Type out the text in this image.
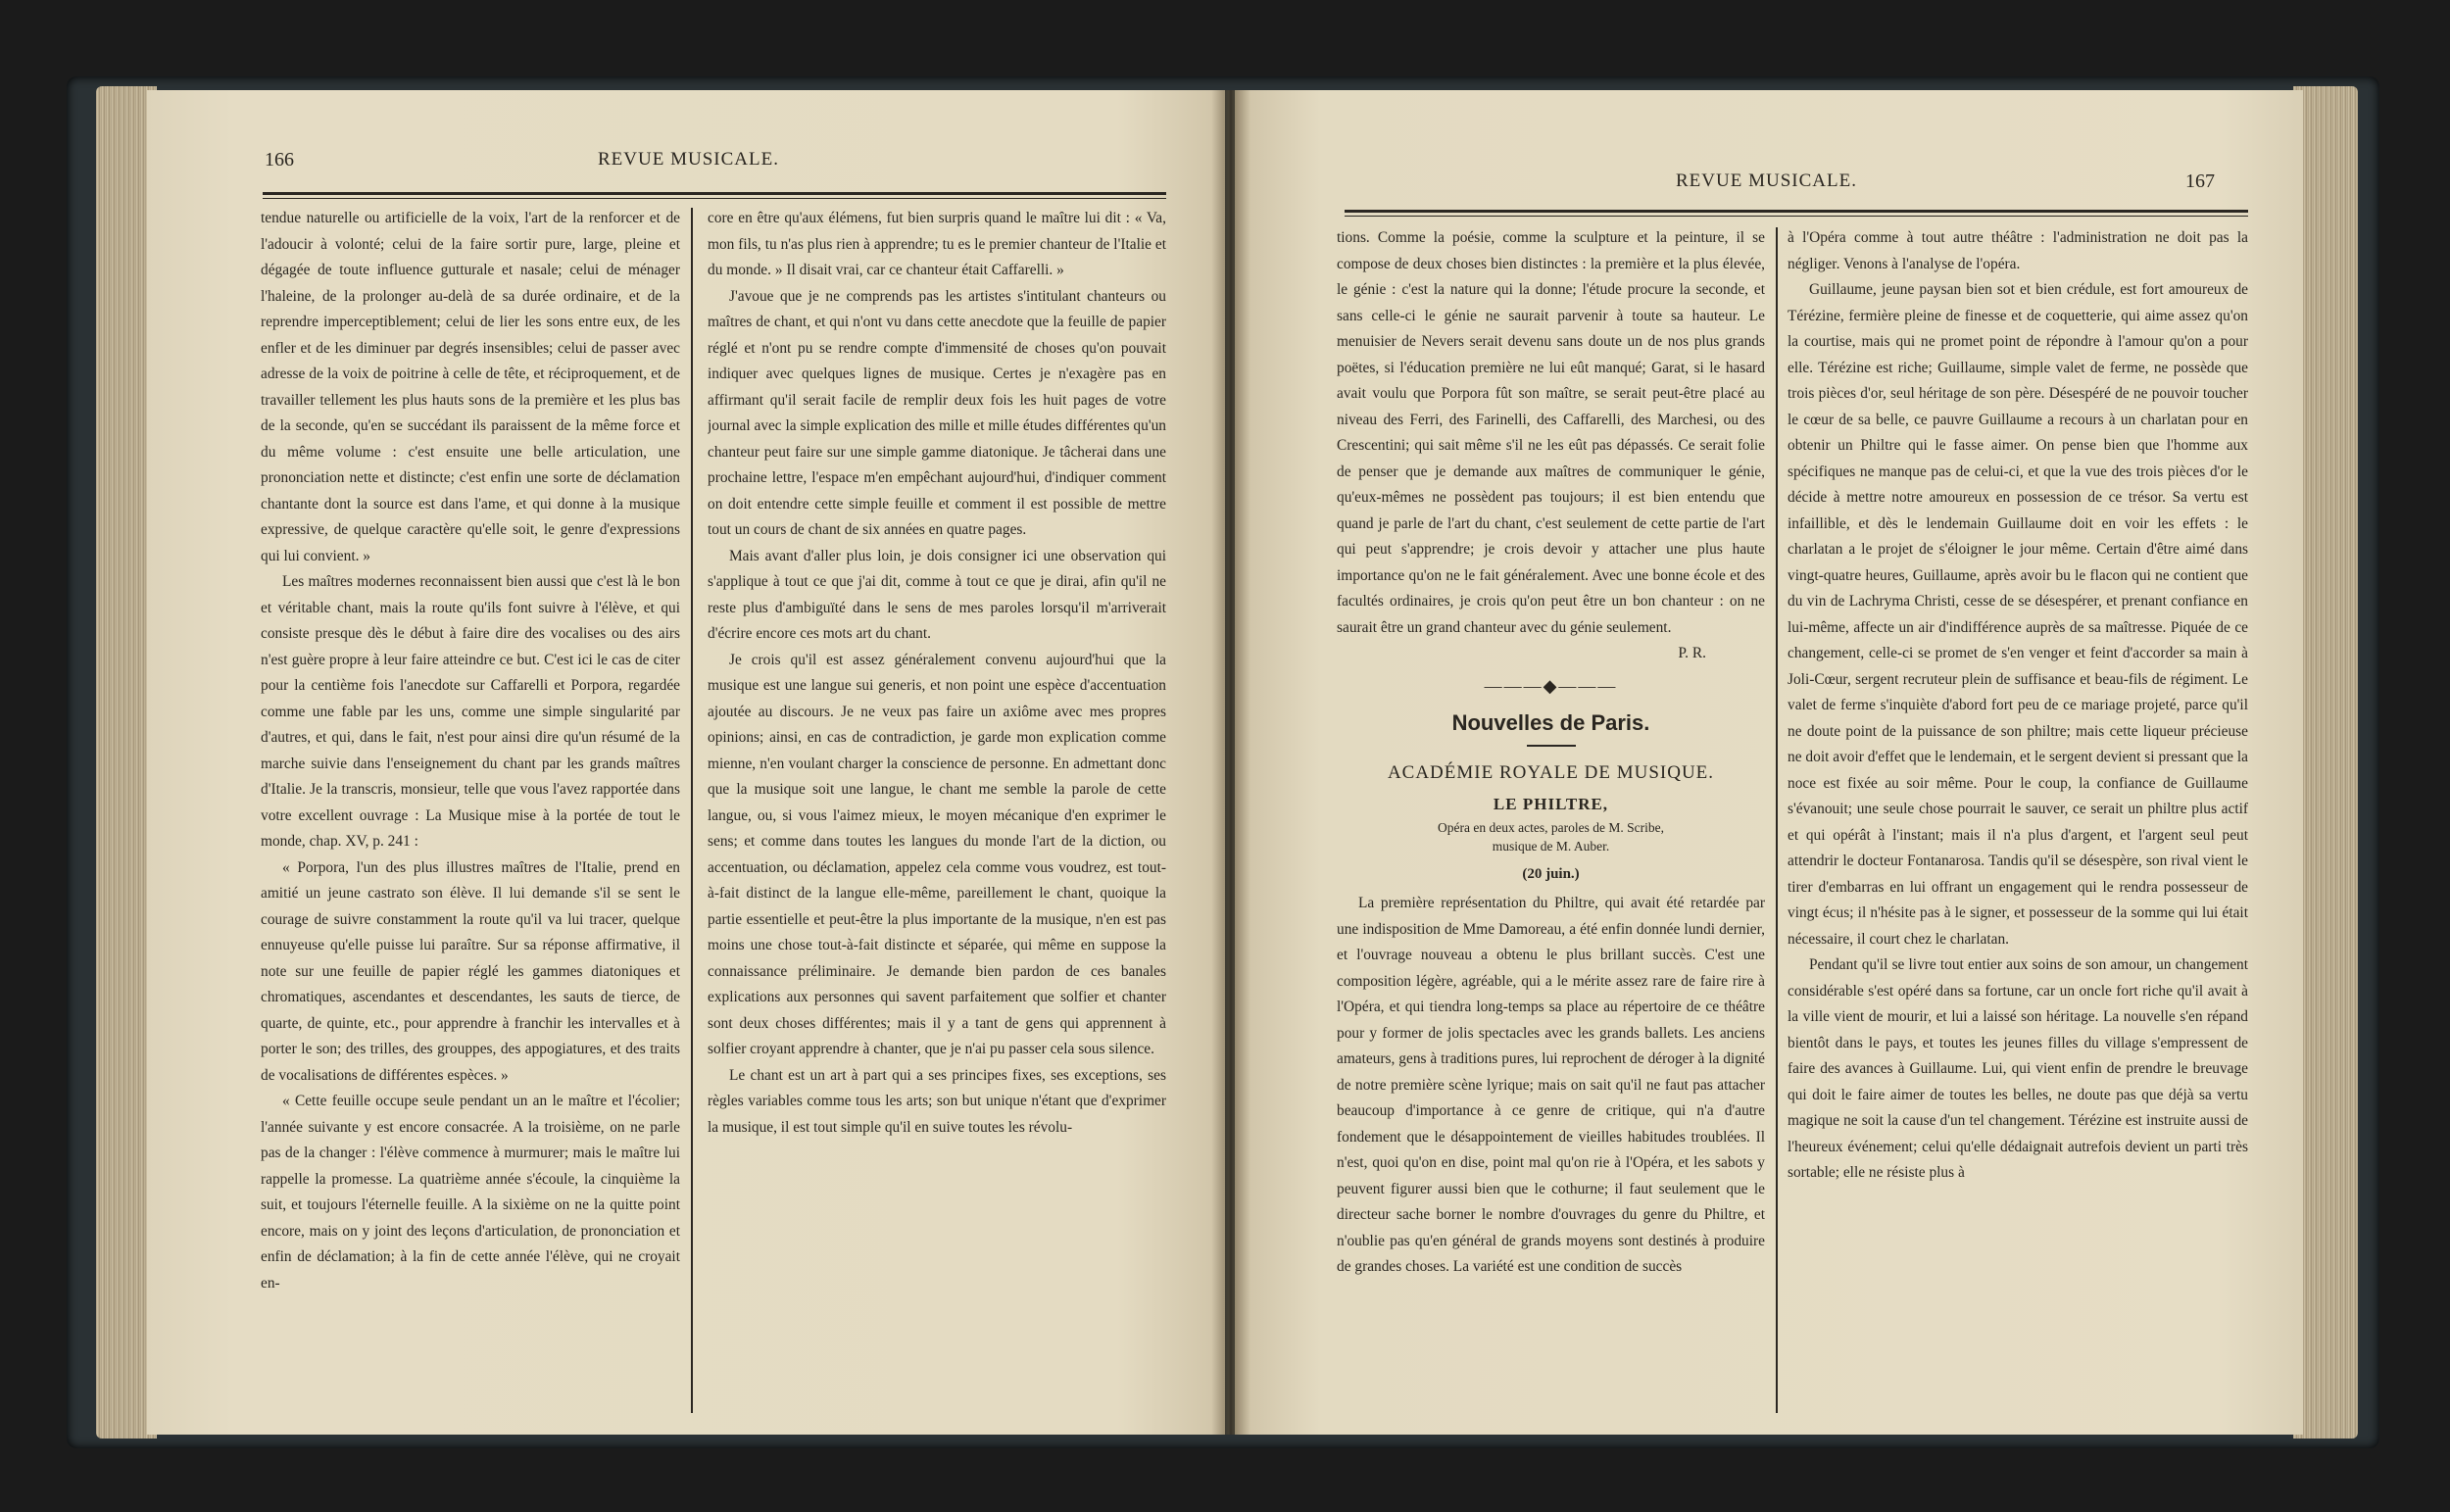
166	REVUE MUSICALE.

tendue naturelle ou artificielle de la voix, l'art de la renforcer et de l'adoucir à volonté; celui de la faire sortir pure, large, pleine et dégagée de toute influence gutturale et nasale; celui de ménager l'haleine, de la prolonger au-delà de sa durée ordinaire, et de la reprendre imperceptiblement; celui de lier les sons entre eux, de les enfler et de les diminuer par degrés insensibles; celui de passer avec adresse de la voix de poitrine à celle de tête, et réciproquement, et de travailler tellement les plus hauts sons de la première et les plus bas de la seconde, qu'en se succédant ils paraissent de la même force et du même volume : c'est ensuite une belle articulation, une prononciation nette et distincte; c'est enfin une sorte de déclamation chantante dont la source est dans l'ame, et qui donne à la musique expressive, de quelque caractère qu'elle soit, le genre d'expressions qui lui convient. »

Les maîtres modernes reconnaissent bien aussi que c'est là le bon et véritable chant, mais la route qu'ils font suivre à l'élève, et qui consiste presque dès le début à faire dire des vocalises ou des airs n'est guère propre à leur faire atteindre ce but. C'est ici le cas de citer pour la centième fois l'anecdote sur Caffarelli et Porpora, regardée comme une fable par les uns, comme une simple singularité par d'autres, et qui, dans le fait, n'est pour ainsi dire qu'un résumé de la marche suivie dans l'enseignement du chant par les grands maîtres d'Italie. Je la transcris, monsieur, telle que vous l'avez rapportée dans votre excellent ouvrage : La Musique mise à la portée de tout le monde, chap. XV, p. 241 :

« Porpora, l'un des plus illustres maîtres de l'Italie, prend en amitié un jeune castrato son élève. Il lui demande s'il se sent le courage de suivre constamment la route qu'il va lui tracer, quelque ennuyeuse qu'elle puisse lui paraître. Sur sa réponse affirmative, il note sur une feuille de papier réglé les gammes diatoniques et chromatiques, ascendantes et descendantes, les sauts de tierce, de quarte, de quinte, etc., pour apprendre à franchir les intervalles et à porter le son; des trilles, des grouppes, des appogiatures, et des traits de vocalisations de différentes espèces. »

« Cette feuille occupe seule pendant un an le maître et l'écolier; l'année suivante y est encore consacrée. A la troisième, on ne parle pas de la changer : l'élève commence à murmurer; mais le maître lui rappelle la promesse. La quatrième année s'écoule, la cinquième la suit, et toujours l'éternelle feuille. A la sixième on ne la quitte point encore, mais on y joint des leçons d'articulation, de prononciation et enfin de déclamation; à la fin de cette année l'élève, qui ne croyait en-

core en être qu'aux élémens, fut bien surpris quand le maître lui dit : « Va, mon fils, tu n'as plus rien à apprendre; tu es le premier chanteur de l'Italie et du monde. » Il disait vrai, car ce chanteur était Caffarelli. »

J'avoue que je ne comprends pas les artistes s'intitulant chanteurs ou maîtres de chant, et qui n'ont vu dans cette anecdote que la feuille de papier réglé et n'ont pu se rendre compte d'immensité de choses qu'on pouvait indiquer avec quelques lignes de musique. Certes je n'exagère pas en affirmant qu'il serait facile de remplir deux fois les huit pages de votre journal avec la simple explication des mille et mille études différentes qu'un chanteur peut faire sur une simple gamme diatonique. Je tâcherai dans une prochaine lettre, l'espace m'en empêchant aujourd'hui, d'indiquer comment on doit entendre cette simple feuille et comment il est possible de mettre tout un cours de chant de six années en quatre pages.

Mais avant d'aller plus loin, je dois consigner ici une observation qui s'applique à tout ce que j'ai dit, comme à tout ce que je dirai, afin qu'il ne reste plus d'ambiguïté dans le sens de mes paroles lorsqu'il m'arriverait d'écrire encore ces mots art du chant.

Je crois qu'il est assez généralement convenu aujourd'hui que la musique est une langue sui generis, et non point une espèce d'accentuation ajoutée au discours. Je ne veux pas faire un axiôme avec mes propres opinions; ainsi, en cas de contradiction, je garde mon explication comme mienne, n'en voulant charger la conscience de personne. En admettant donc que la musique soit une langue, le chant me semble la parole de cette langue, ou, si vous l'aimez mieux, le moyen mécanique d'en exprimer le sens; et comme dans toutes les langues du monde l'art de la diction, ou accentuation, ou déclamation, appelez cela comme vous voudrez, est tout-à-fait distinct de la langue elle-même, pareillement le chant, quoique la partie essentielle et peut-être la plus importante de la musique, n'en est pas moins une chose tout-à-fait distincte et séparée, qui même en suppose la connaissance préliminaire. Je demande bien pardon de ces banales explications aux personnes qui savent parfaitement que solfier et chanter sont deux choses différentes; mais il y a tant de gens qui apprennent à solfier croyant apprendre à chanter, que je n'ai pu passer cela sous silence.

Le chant est un art à part qui a ses principes fixes, ses exceptions, ses règles variables comme tous les arts; son but unique n'étant que d'exprimer la musique, il est tout simple qu'il en suive toutes les révolu-

REVUE MUSICALE.	167

tions. Comme la poésie, comme la sculpture et la peinture, il se compose de deux choses bien distinctes : la première et la plus élevée, le génie : c'est la nature qui la donne; l'étude procure la seconde, et sans celle-ci le génie ne saurait parvenir à toute sa hauteur. Le menuisier de Nevers serait devenu sans doute un de nos plus grands poëtes, si l'éducation première ne lui eût manqué; Garat, si le hasard avait voulu que Porpora fût son maître, se serait peut-être placé au niveau des Ferri, des Farinelli, des Caffarelli, des Marchesi, ou des Crescentini; qui sait même s'il ne les eût pas dépassés. Ce serait folie de penser que je demande aux maîtres de communiquer le génie, qu'eux-mêmes ne possèdent pas toujours; il est bien entendu que quand je parle de l'art du chant, c'est seulement de cette partie de l'art qui peut s'apprendre; je crois devoir y attacher une plus haute importance qu'on ne le fait généralement. Avec une bonne école et des facultés ordinaires, je crois qu'on peut être un bon chanteur : on ne saurait être un grand chanteur avec du génie seulement.

P. R.

———◆———
Nouvelles de Paris.
ACADÉMIE ROYALE DE MUSIQUE.
LE PHILTRE,
Opéra en deux actes, paroles de M. Scribe,
musique de M. Auber.
(20 juin.)

La première représentation du Philtre, qui avait été retardée par une indisposition de Mme Damoreau, a été enfin donnée lundi dernier, et l'ouvrage nouveau a obtenu le plus brillant succès. C'est une composition légère, agréable, qui a le mérite assez rare de faire rire à l'Opéra, et qui tiendra long-temps sa place au répertoire de ce théâtre pour y former de jolis spectacles avec les grands ballets. Les anciens amateurs, gens à traditions pures, lui reprochent de déroger à la dignité de notre première scène lyrique; mais on sait qu'il ne faut pas attacher beaucoup d'importance à ce genre de critique, qui n'a d'autre fondement que le désappointement de vieilles habitudes troublées. Il n'est, quoi qu'on en dise, point mal qu'on rie à l'Opéra, et les sabots y peuvent figurer aussi bien que le cothurne; il faut seulement que le directeur sache borner le nombre d'ouvrages du genre du Philtre, et n'oublie pas qu'en général de grands moyens sont destinés à produire de grandes choses. La variété est une condition de succès

à l'Opéra comme à tout autre théâtre : l'administration ne doit pas la négliger. Venons à l'analyse de l'opéra.

Guillaume, jeune paysan bien sot et bien crédule, est fort amoureux de Térézine, fermière pleine de finesse et de coquetterie, qui aime assez qu'on la courtise, mais qui ne promet point de répondre à l'amour qu'on a pour elle. Térézine est riche; Guillaume, simple valet de ferme, ne possède que trois pièces d'or, seul héritage de son père. Désespéré de ne pouvoir toucher le cœur de sa belle, ce pauvre Guillaume a recours à un charlatan pour en obtenir un Philtre qui le fasse aimer. On pense bien que l'homme aux spécifiques ne manque pas de celui-ci, et que la vue des trois pièces d'or le décide à mettre notre amoureux en possession de ce trésor. Sa vertu est infaillible, et dès le lendemain Guillaume doit en voir les effets : le charlatan a le projet de s'éloigner le jour même. Certain d'être aimé dans vingt-quatre heures, Guillaume, après avoir bu le flacon qui ne contient que du vin de Lachryma Christi, cesse de se désespérer, et prenant confiance en lui-même, affecte un air d'indifférence auprès de sa maîtresse. Piquée de ce changement, celle-ci se promet de s'en venger et feint d'accorder sa main à Joli-Cœur, sergent recruteur plein de suffisance et beau-fils de régiment. Le valet de ferme s'inquiète d'abord fort peu de ce mariage projeté, parce qu'il ne doute point de la puissance de son philtre; mais cette liqueur précieuse ne doit avoir d'effet que le lendemain, et le sergent devient si pressant que la noce est fixée au soir même. Pour le coup, la confiance de Guillaume s'évanouit; une seule chose pourrait le sauver, ce serait un philtre plus actif et qui opérât à l'instant; mais il n'a plus d'argent, et l'argent seul peut attendrir le docteur Fontanarosa. Tandis qu'il se désespère, son rival vient le tirer d'embarras en lui offrant un engagement qui le rendra possesseur de vingt écus; il n'hésite pas à le signer, et possesseur de la somme qui lui était nécessaire, il court chez le charlatan.

Pendant qu'il se livre tout entier aux soins de son amour, un changement considérable s'est opéré dans sa fortune, car un oncle fort riche qu'il avait à la ville vient de mourir, et lui a laissé son héritage. La nouvelle s'en répand bientôt dans le pays, et toutes les jeunes filles du village s'empressent de faire des avances à Guillaume. Lui, qui vient enfin de prendre le breuvage qui doit le faire aimer de toutes les belles, ne doute pas que déjà sa vertu magique ne soit la cause d'un tel changement. Térézine est instruite aussi de l'heureux événement; celui qu'elle dédaignait autrefois devient un parti très sortable; elle ne résiste plus à
